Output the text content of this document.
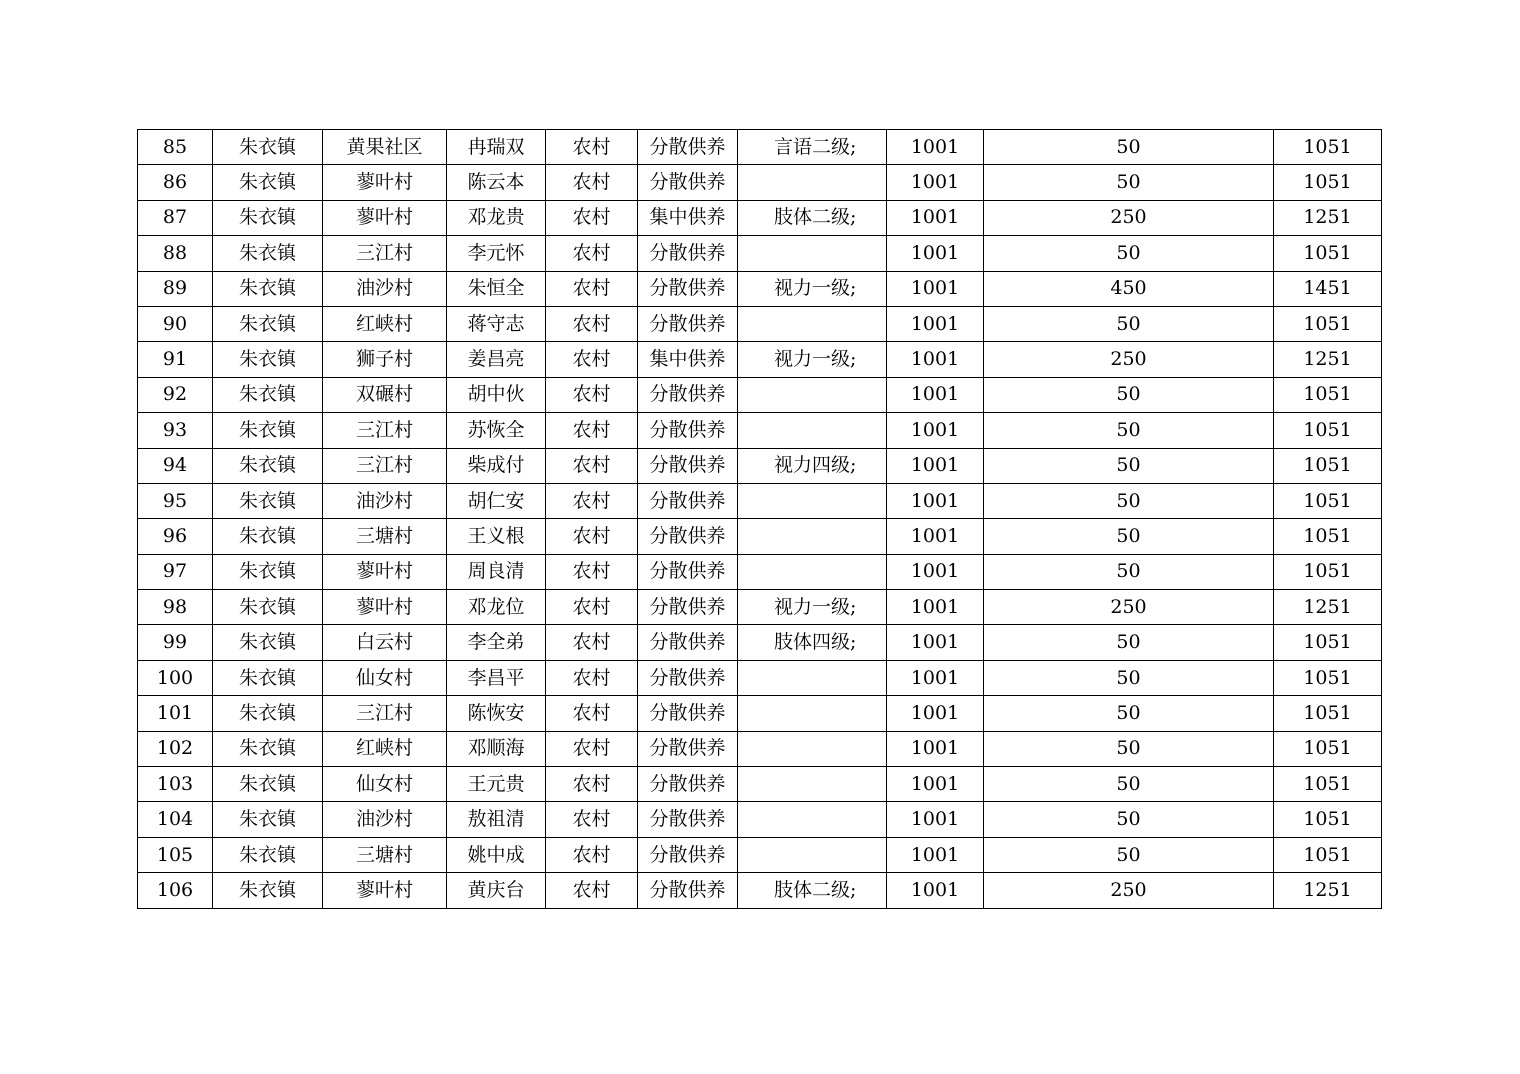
85	朱衣镇	黄果社区	冉瑞双	农村	分散供养	言语二级;	1001	50	1051
86	朱衣镇	蓼叶村	陈云本	农村	分散供养		1001	50	1051
87	朱衣镇	蓼叶村	邓龙贵	农村	集中供养	肢体二级;	1001	250	1251
88	朱衣镇	三江村	李元怀	农村	分散供养		1001	50	1051
89	朱衣镇	油沙村	朱恒全	农村	分散供养	视力一级;	1001	450	1451
90	朱衣镇	红峡村	蒋守志	农村	分散供养		1001	50	1051
91	朱衣镇	狮子村	姜昌亮	农村	集中供养	视力一级;	1001	250	1251
92	朱衣镇	双碾村	胡中伙	农村	分散供养		1001	50	1051
93	朱衣镇	三江村	苏恢全	农村	分散供养		1001	50	1051
94	朱衣镇	三江村	柴成付	农村	分散供养	视力四级;	1001	50	1051
95	朱衣镇	油沙村	胡仁安	农村	分散供养		1001	50	1051
96	朱衣镇	三塘村	王义根	农村	分散供养		1001	50	1051
97	朱衣镇	蓼叶村	周良清	农村	分散供养		1001	50	1051
98	朱衣镇	蓼叶村	邓龙位	农村	分散供养	视力一级;	1001	250	1251
99	朱衣镇	白云村	李全弟	农村	分散供养	肢体四级;	1001	50	1051
100	朱衣镇	仙女村	李昌平	农村	分散供养		1001	50	1051
101	朱衣镇	三江村	陈恢安	农村	分散供养		1001	50	1051
102	朱衣镇	红峡村	邓顺海	农村	分散供养		1001	50	1051
103	朱衣镇	仙女村	王元贵	农村	分散供养		1001	50	1051
104	朱衣镇	油沙村	敖祖清	农村	分散供养		1001	50	1051
105	朱衣镇	三塘村	姚中成	农村	分散供养		1001	50	1051
106	朱衣镇	蓼叶村	黄庆台	农村	分散供养	肢体二级;	1001	250	1251
